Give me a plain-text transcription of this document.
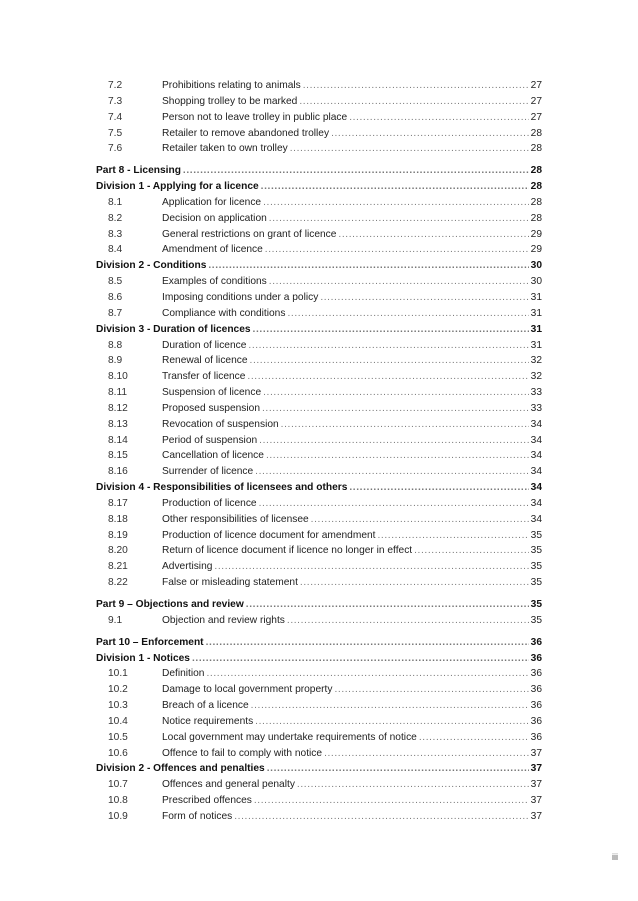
7.2	Prohibitions relating to animals .....	27
7.3	Shopping trolley to be marked .....	27
7.4	Person not to leave trolley in public place .....	27
7.5	Retailer to remove abandoned trolley .....	28
7.6	Retailer taken to own trolley .....	28
Part 8 - Licensing .....	28
Division 1 - Applying for a licence .....	28
8.1	Application for licence .....	28
8.2	Decision on application .....	28
8.3	General restrictions on grant of licence .....	29
8.4	Amendment of licence .....	29
Division 2 - Conditions .....	30
8.5	Examples of conditions .....	30
8.6	Imposing conditions under a policy .....	31
8.7	Compliance with conditions .....	31
Division 3 - Duration of licences .....	31
8.8	Duration of licence .....	31
8.9	Renewal of licence .....	32
8.10	Transfer of licence .....	32
8.11	Suspension of licence .....	33
8.12	Proposed suspension .....	33
8.13	Revocation of suspension .....	34
8.14	Period of suspension .....	34
8.15	Cancellation of licence .....	34
8.16	Surrender of licence .....	34
Division 4 - Responsibilities of licensees and others .....	34
8.17	Production of licence .....	34
8.18	Other responsibilities of licensee .....	34
8.19	Production of licence document for amendment .....	35
8.20	Return of licence document if licence no longer in effect .....	35
8.21	Advertising .....	35
8.22	False or misleading statement .....	35
Part 9 – Objections and review .....	35
9.1	Objection and review rights .....	35
Part 10 – Enforcement .....	36
Division 1 - Notices .....	36
10.1	Definition .....	36
10.2	Damage to local government property .....	36
10.3	Breach of a licence .....	36
10.4	Notice requirements .....	36
10.5	Local government may undertake requirements of notice .....	36
10.6	Offence to fail to comply with notice .....	37
Division 2 - Offences and penalties .....	37
10.7	Offences and general penalty .....	37
10.8	Prescribed offences .....	37
10.9	Form of notices .....	37
iii
